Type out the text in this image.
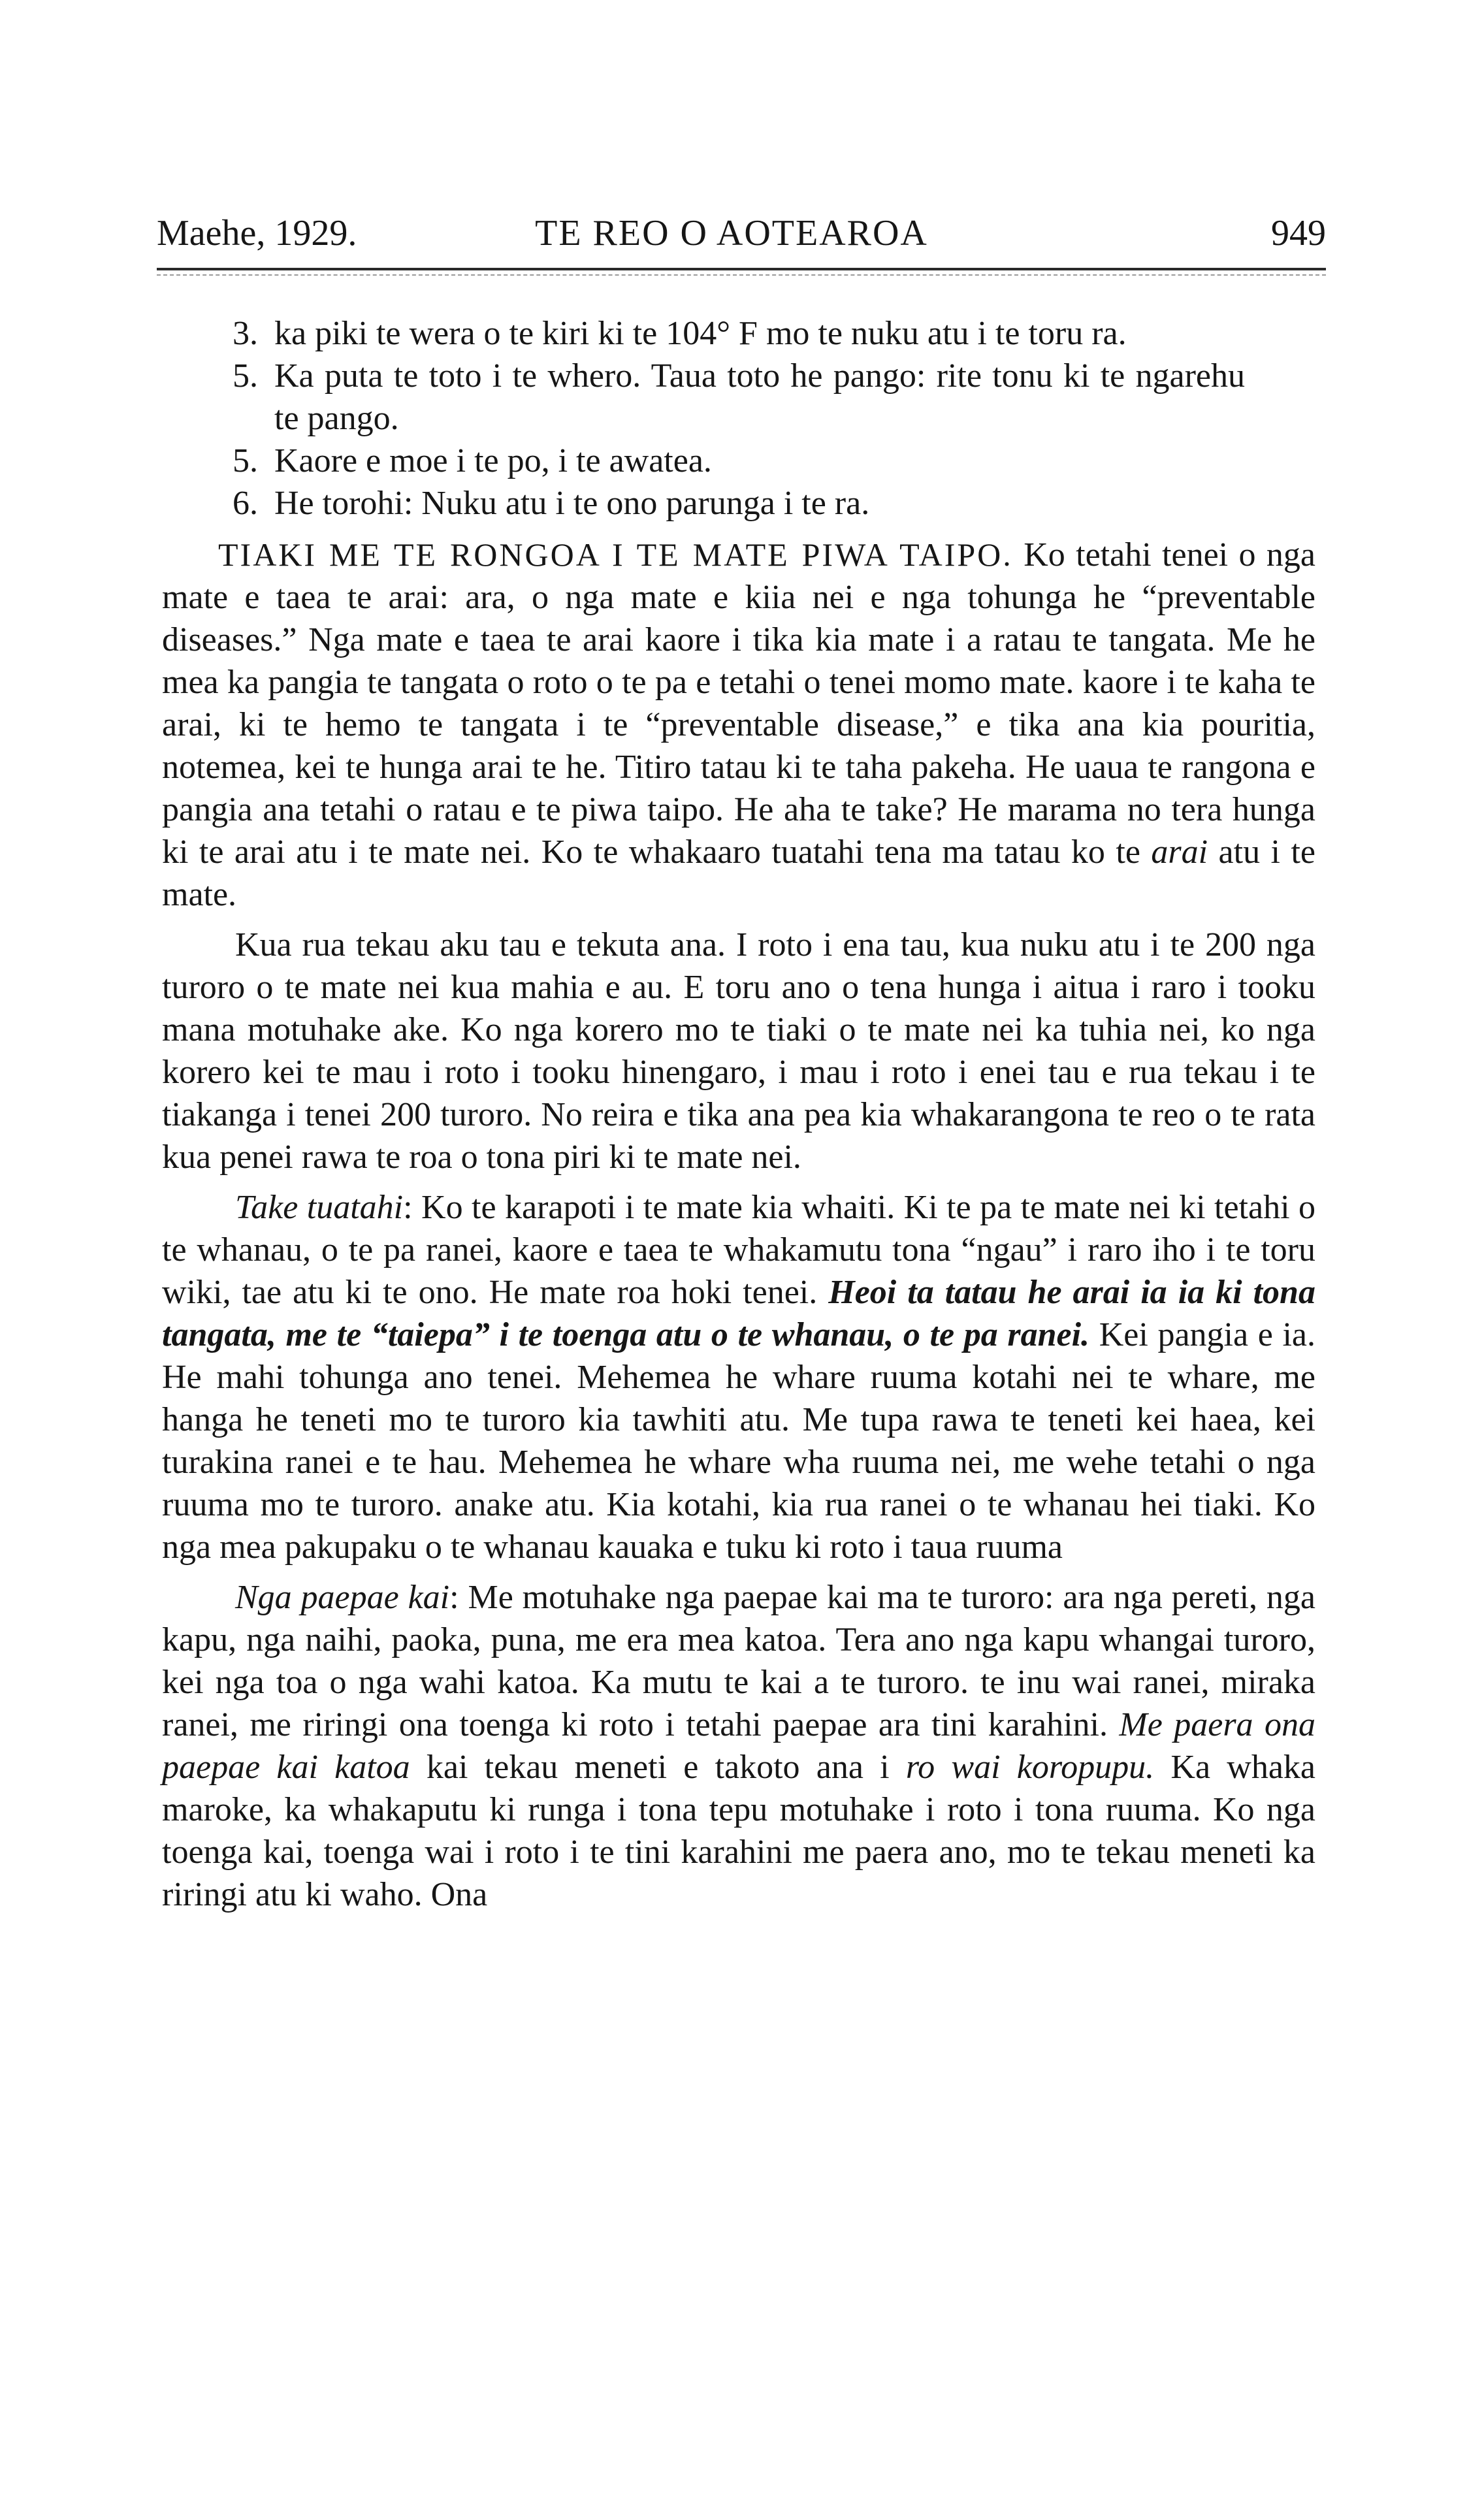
Maehe, 1929.	TE REO O AOTEAROA	949
3. ka piki te wera o te kiri ki te 104° F mo te nuku atu i te toru ra.
5. Ka puta te toto i te whero. Taua toto he pango: rite tonu ki te ngarehu te pango.
5. Kaore e moe i te po, i te awatea.
6. He torohi: Nuku atu i te ono parunga i te ra.

TIAKI ME TE RONGOA I TE MATE PIWA TAIPO. Ko tetahi tenei o nga mate e taea te arai: ara, o nga mate e kiia nei e nga tohunga he “preventable diseases.” Nga mate e taea te arai kaore i tika kia mate i a ratau te tangata. Me he mea ka pangia te tangata o roto o te pa e tetahi o tenei momo mate. kaore i te kaha te arai, ki te hemo te tangata i te “preventable disease,” e tika ana kia pouritia, notemea, kei te hunga arai te he. Titiro tatau ki te taha pakeha. He uaua te rangona e pangia ana tetahi o ratau e te piwa taipo. He aha te take? He marama no tera hunga ki te arai atu i te mate nei. Ko te whakaaro tuatahi tena ma tatau ko te arai atu i te mate.

Kua rua tekau aku tau e tekuta ana. I roto i ena tau, kua nuku atu i te 200 nga turoro o te mate nei kua mahia e au. E toru ano o tena hunga i aitua i raro i tooku mana motuhake ake. Ko nga korero mo te tiaki o te mate nei ka tuhia nei, ko nga korero kei te mau i roto i tooku hinengaro, i mau i roto i enei tau e rua tekau i te tiakanga i tenei 200 turoro. No reira e tika ana pea kia whakarangona te reo o te rata kua penei rawa te roa o tona piri ki te mate nei.

Take tuatahi: Ko te karapoti i te mate kia whaiti. Ki te pa te mate nei ki tetahi o te whanau, o te pa ranei, kaore e taea te whakamutu tona “ngau” i raro iho i te toru wiki, tae atu ki te ono. He mate roa hoki tenei. Heoi ta tatau he arai ia ia ki tona tangata, me te “taiepa” i te toenga atu o te whanau, o te pa ranei. Kei pangia e ia. He mahi tohunga ano tenei. Mehemea he whare ruuma kotahi nei te whare, me hanga he teneti mo te turoro kia tawhiti atu. Me tupa rawa te teneti kei haea, kei turakina ranei e te hau. Mehemea he whare wha ruuma nei, me wehe tetahi o nga ruuma mo te turoro. anake atu. Kia kotahi, kia rua ranei o te whanau hei tiaki. Ko nga mea pakupaku o te whanau kauaka e tuku ki roto i taua ruuma

Nga paepae kai: Me motuhake nga paepae kai ma te turoro: ara nga pereti, nga kapu, nga naihi, paoka, puna, me era mea katoa. Tera ano nga kapu whangai turoro, kei nga toa o nga wahi katoa. Ka mutu te kai a te turoro. te inu wai ranei, miraka ranei, me riringi ona toenga ki roto i tetahi paepae ara tini karahini. Me paera ona paepae kai katoa kai tekau meneti e takoto ana i ro wai koropupu. Ka whaka maroke, ka whakaputu ki runga i tona tepu motuhake i roto i tona ruuma. Ko nga toenga kai, toenga wai i roto i te tini karahini me paera ano, mo te tekau meneti ka riringi atu ki waho. Ona
